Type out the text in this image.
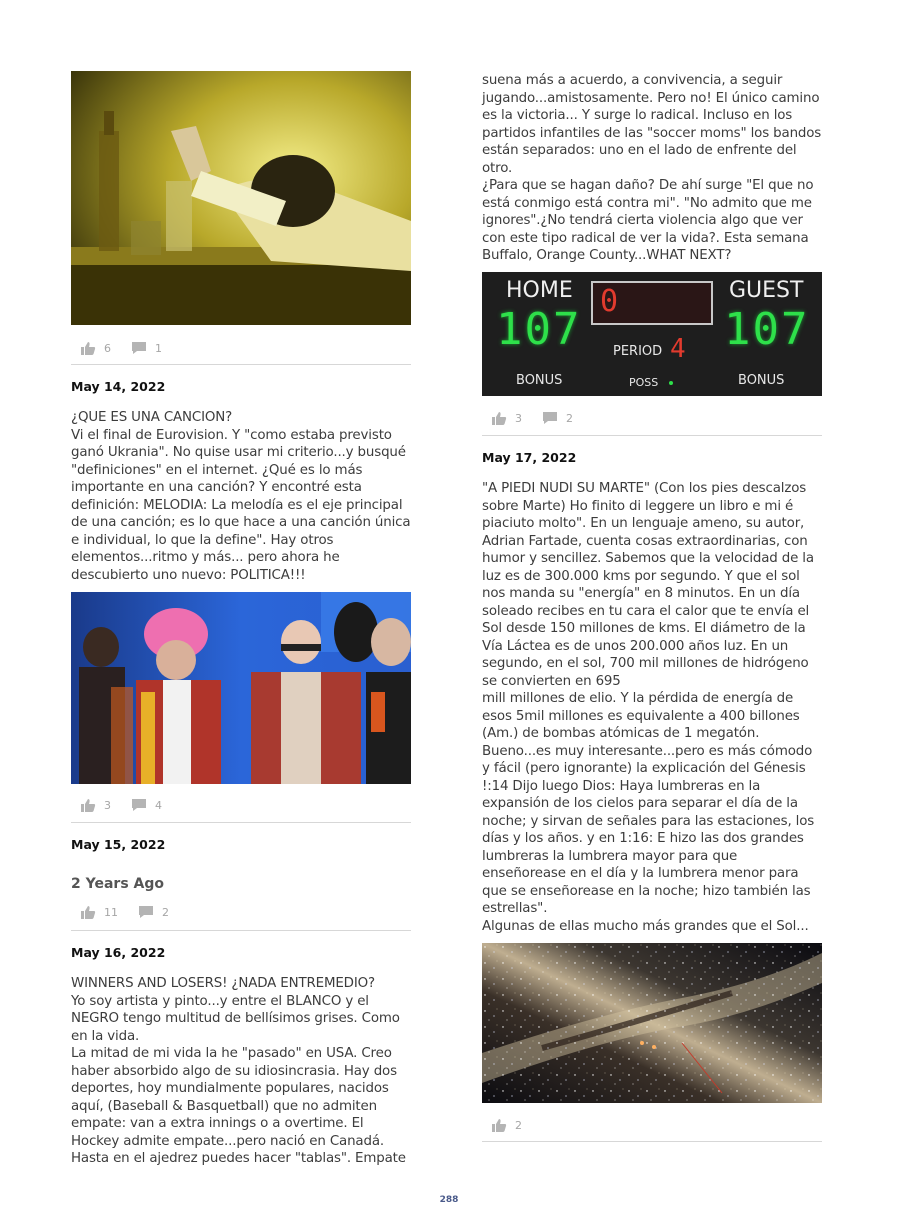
6	1
May 14, 2022
¿QUE ES UNA CANCION?
Vi el final de Eurovision. Y "como estaba previsto ganó Ukrania". No quise usar mi criterio...y busqué "definiciones" en el internet. ¿Qué es lo más importante en una canción? Y encontré esta definición: MELODIA: La melodía es el eje principal de una canción; es lo que hace a una canción única e individual, lo que la define". Hay otros elementos...ritmo y más... pero ahora he descubierto uno nuevo: POLITICA!!!
3	4
May 15, 2022
2 Years Ago
11	2
May 16, 2022
WINNERS AND LOSERS! ¿NADA ENTREMEDIO?
Yo soy artista y pinto...y entre el BLANCO y el NEGRO tengo multitud de bellísimos grises. Como en la vida.
La mitad de mi vida la he "pasado" en USA. Creo haber absorbido algo de su idiosincrasia. Hay dos deportes, hoy mundialmente populares, nacidos aquí, (Baseball & Basquetball) que no admiten empate: van a extra innings o a overtime. El Hockey admite empate...pero nació en Canadá. Hasta en el ajedrez puedes hacer "tablas". Empate
suena más a acuerdo, a convivencia, a seguir jugando...amistosamente. Pero no! El único camino es la victoria... Y surge lo radical. Incluso en los partidos infantiles de las "soccer moms" los bandos están separados: uno en el lado de enfrente del otro.
¿Para que se hagan daño? De ahí surge "El que no está conmigo está contra mi". "No admito que me ignores".¿No tendrá cierta violencia algo que ver con este tipo radical de ver la vida?. Esta semana Buffalo, Orange County...WHAT NEXT?
HOME	GUEST
0
107	107
PERIOD 4
BONUS	POSS	BONUS
3	2
May 17, 2022
"A PIEDI NUDI SU MARTE" (Con los pies descalzos sobre Marte) Ho finito di leggere un libro e mi é piaciuto molto". En un lenguaje ameno, su autor, Adrian Fartade, cuenta cosas extraordinarias, con humor y sencillez. Sabemos que la velocidad de la luz es de 300.000 kms por segundo. Y que el sol nos manda su "energía" en 8 minutos. En un día soleado recibes en tu cara el calor que te envía el Sol desde 150 millones de kms. El diámetro de la Vía Láctea es de unos 200.000 años luz. En un segundo, en el sol, 700 mil millones de hidrógeno se convierten en 695
mill millones de elio. Y la pérdida de energía de esos 5mil millones es equivalente a 400 billones (Am.) de bombas atómicas de 1 megatón.
Bueno...es muy interesante...pero es más cómodo y fácil (pero ignorante) la explicación del Génesis !:14 Dijo luego Dios: Haya lumbreras en la expansión de los cielos para separar el día de la noche; y sirvan de señales para las estaciones, los días y los años. y en 1:16: E hizo las dos grandes lumbreras la lumbrera mayor para que enseñorease en el día y la lumbrera menor para que se enseñorease en la noche; hizo también las estrellas".
Algunas de ellas mucho más grandes que el Sol...
2
288
